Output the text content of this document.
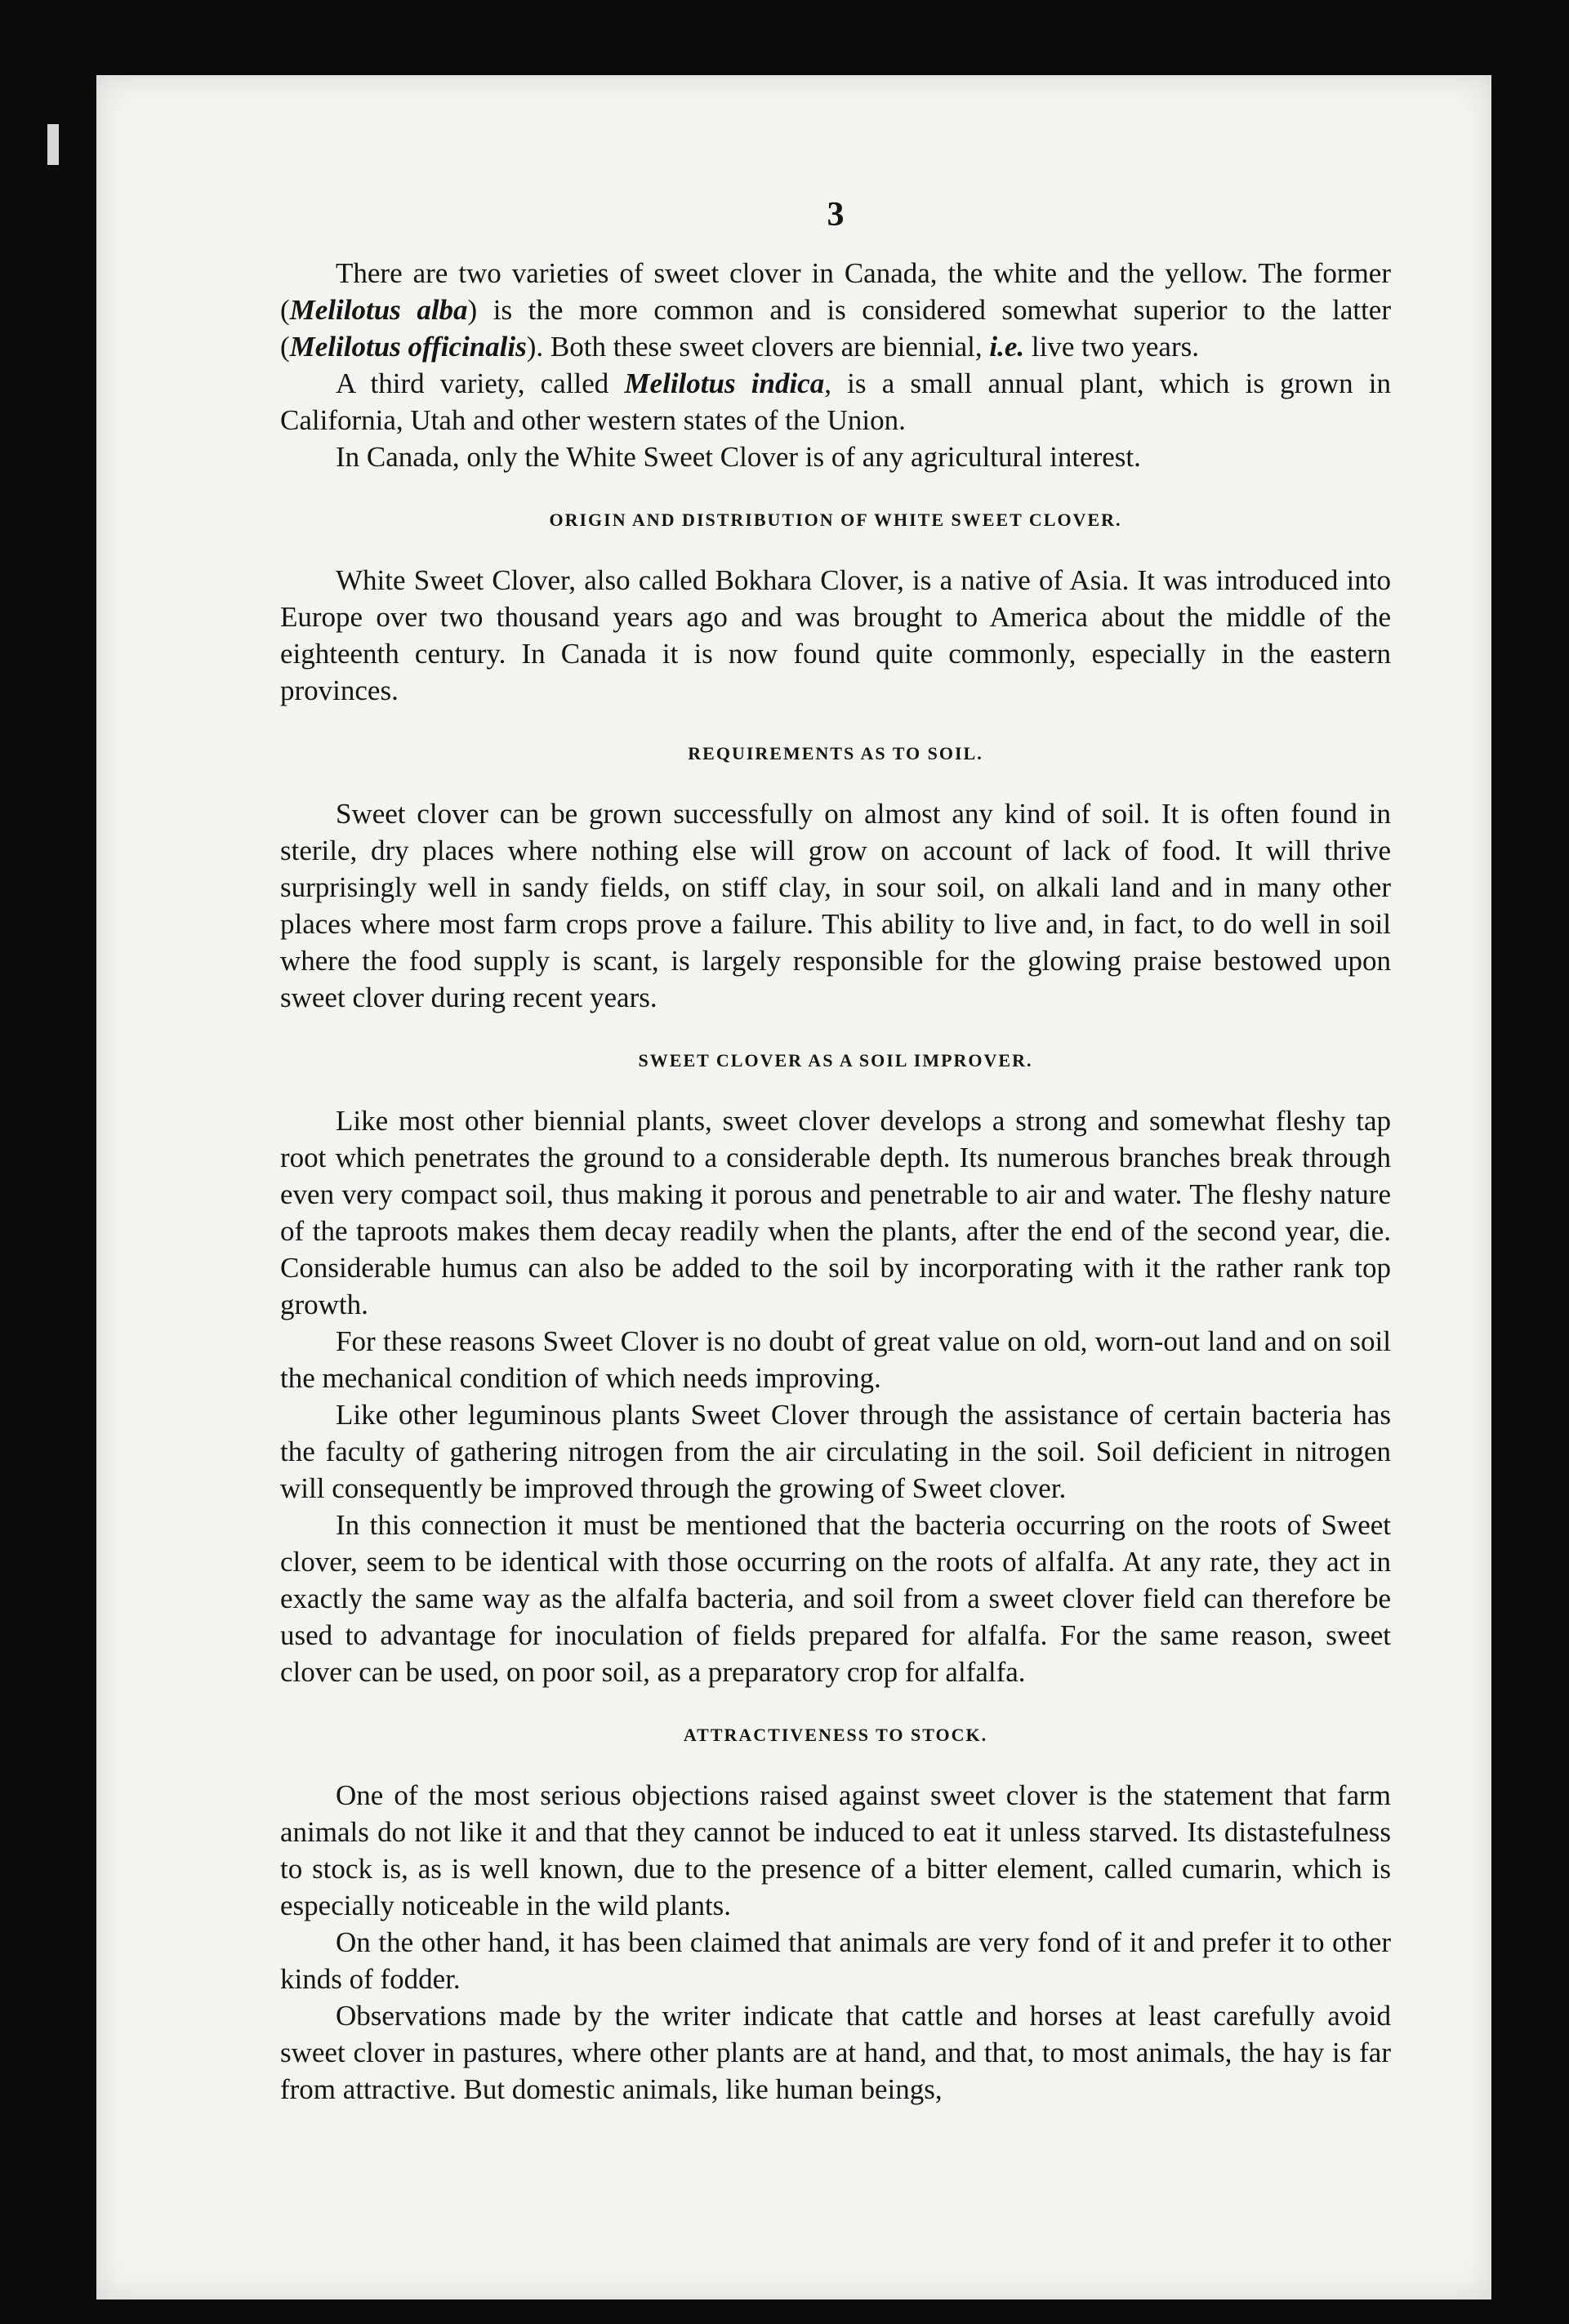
3

There are two varieties of sweet clover in Canada, the white and the yellow. The former (Melilotus alba) is the more common and is considered somewhat superior to the latter (Melilotus officinalis). Both these sweet clovers are biennial, i.e. live two years.

A third variety, called Melilotus indica, is a small annual plant, which is grown in California, Utah and other western states of the Union.

In Canada, only the White Sweet Clover is of any agricultural interest.

ORIGIN AND DISTRIBUTION OF WHITE SWEET CLOVER.

White Sweet Clover, also called Bokhara Clover, is a native of Asia. It was introduced into Europe over two thousand years ago and was brought to America about the middle of the eighteenth century. In Canada it is now found quite commonly, especially in the eastern provinces.

REQUIREMENTS AS TO SOIL.

Sweet clover can be grown successfully on almost any kind of soil. It is often found in sterile, dry places where nothing else will grow on account of lack of food. It will thrive surprisingly well in sandy fields, on stiff clay, in sour soil, on alkali land and in many other places where most farm crops prove a failure. This ability to live and, in fact, to do well in soil where the food supply is scant, is largely responsible for the glowing praise bestowed upon sweet clover during recent years.

SWEET CLOVER AS A SOIL IMPROVER.

Like most other biennial plants, sweet clover develops a strong and somewhat fleshy tap root which penetrates the ground to a considerable depth. Its numerous branches break through even very compact soil, thus making it porous and penetrable to air and water. The fleshy nature of the taproots makes them decay readily when the plants, after the end of the second year, die. Considerable humus can also be added to the soil by incorporating with it the rather rank top growth.

For these reasons Sweet Clover is no doubt of great value on old, worn-out land and on soil the mechanical condition of which needs improving.

Like other leguminous plants Sweet Clover through the assistance of certain bacteria has the faculty of gathering nitrogen from the air circulating in the soil. Soil deficient in nitrogen will consequently be improved through the growing of Sweet clover.

In this connection it must be mentioned that the bacteria occurring on the roots of Sweet clover, seem to be identical with those occurring on the roots of alfalfa. At any rate, they act in exactly the same way as the alfalfa bacteria, and soil from a sweet clover field can therefore be used to advantage for inoculation of fields prepared for alfalfa. For the same reason, sweet clover can be used, on poor soil, as a preparatory crop for alfalfa.

ATTRACTIVENESS TO STOCK.

One of the most serious objections raised against sweet clover is the statement that farm animals do not like it and that they cannot be induced to eat it unless starved. Its distastefulness to stock is, as is well known, due to the presence of a bitter element, called cumarin, which is especially noticeable in the wild plants.

On the other hand, it has been claimed that animals are very fond of it and prefer it to other kinds of fodder.

Observations made by the writer indicate that cattle and horses at least carefully avoid sweet clover in pastures, where other plants are at hand, and that, to most animals, the hay is far from attractive. But domestic animals, like human beings,
